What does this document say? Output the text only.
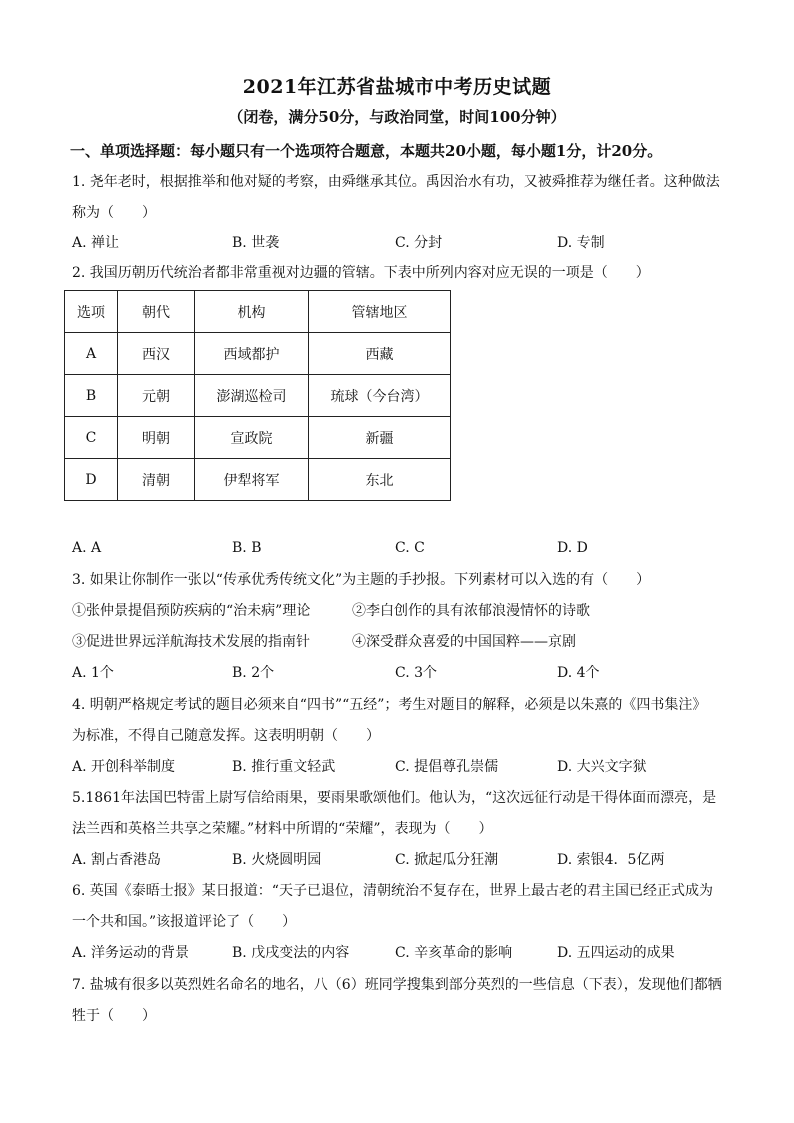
2021年江苏省盐城市中考历史试题
（闭卷，满分50分，与政治同堂，时间100分钟）
一、单项选择题：每小题只有一个选项符合题意，本题共20小题，每小题1分，计20分。
1. 尧年老时，根据推举和他对疑的考察，由舜继承其位。禹因治水有功，又被舜推荐为继任者。这种做法
称为（　　）
A. 禅让	B. 世袭	C. 分封	D. 专制
2. 我国历朝历代统治者都非常重视对边疆的管辖。下表中所列内容对应无误的一项是（　　）
选项	朝代	机构	管辖地区
A	西汉	西域都护	西藏
B	元朝	澎湖巡检司	琉球（今台湾）
C	明朝	宣政院	新疆
D	清朝	伊犁将军	东北
A. A	B. B	C. C	D. D
3. 如果让你制作一张以“传承优秀传统文化”为主题的手抄报。下列素材可以入选的有（　　）
①张仲景提倡预防疾病的“治未病”理论	②李白创作的具有浓郁浪漫情怀的诗歌
③促进世界远洋航海技术发展的指南针	④深受群众喜爱的中国国粹——京剧
A. 1个	B. 2个	C. 3个	D. 4个
4. 明朝严格规定考试的题目必须来自“四书”“五经”；考生对题目的解释，必须是以朱熹的《四书集注》
为标准，不得自己随意发挥。这表明明朝（　　）
A. 开创科举制度	B. 推行重文轻武	C. 提倡尊孔崇儒	D. 大兴文字狱
5.1861年法国巴特雷上尉写信给雨果，要雨果歌颂他们。他认为，“这次远征行动是干得体面而漂亮，是
法兰西和英格兰共享之荣耀。”材料中所谓的“荣耀”，表现为（　　）
A. 割占香港岛	B. 火烧圆明园	C. 掀起瓜分狂潮	D. 索银4．5亿两
6. 英国《泰晤士报》某日报道：“天子已退位，清朝统治不复存在，世界上最古老的君主国已经正式成为
一个共和国。”该报道评论了（　　）
A. 洋务运动的背景	B. 戊戌变法的内容	C. 辛亥革命的影响	D. 五四运动的成果
7. 盐城有很多以英烈姓名命名的地名，八（6）班同学搜集到部分英烈的一些信息（下表），发现他们都牺
牲于（　　）
